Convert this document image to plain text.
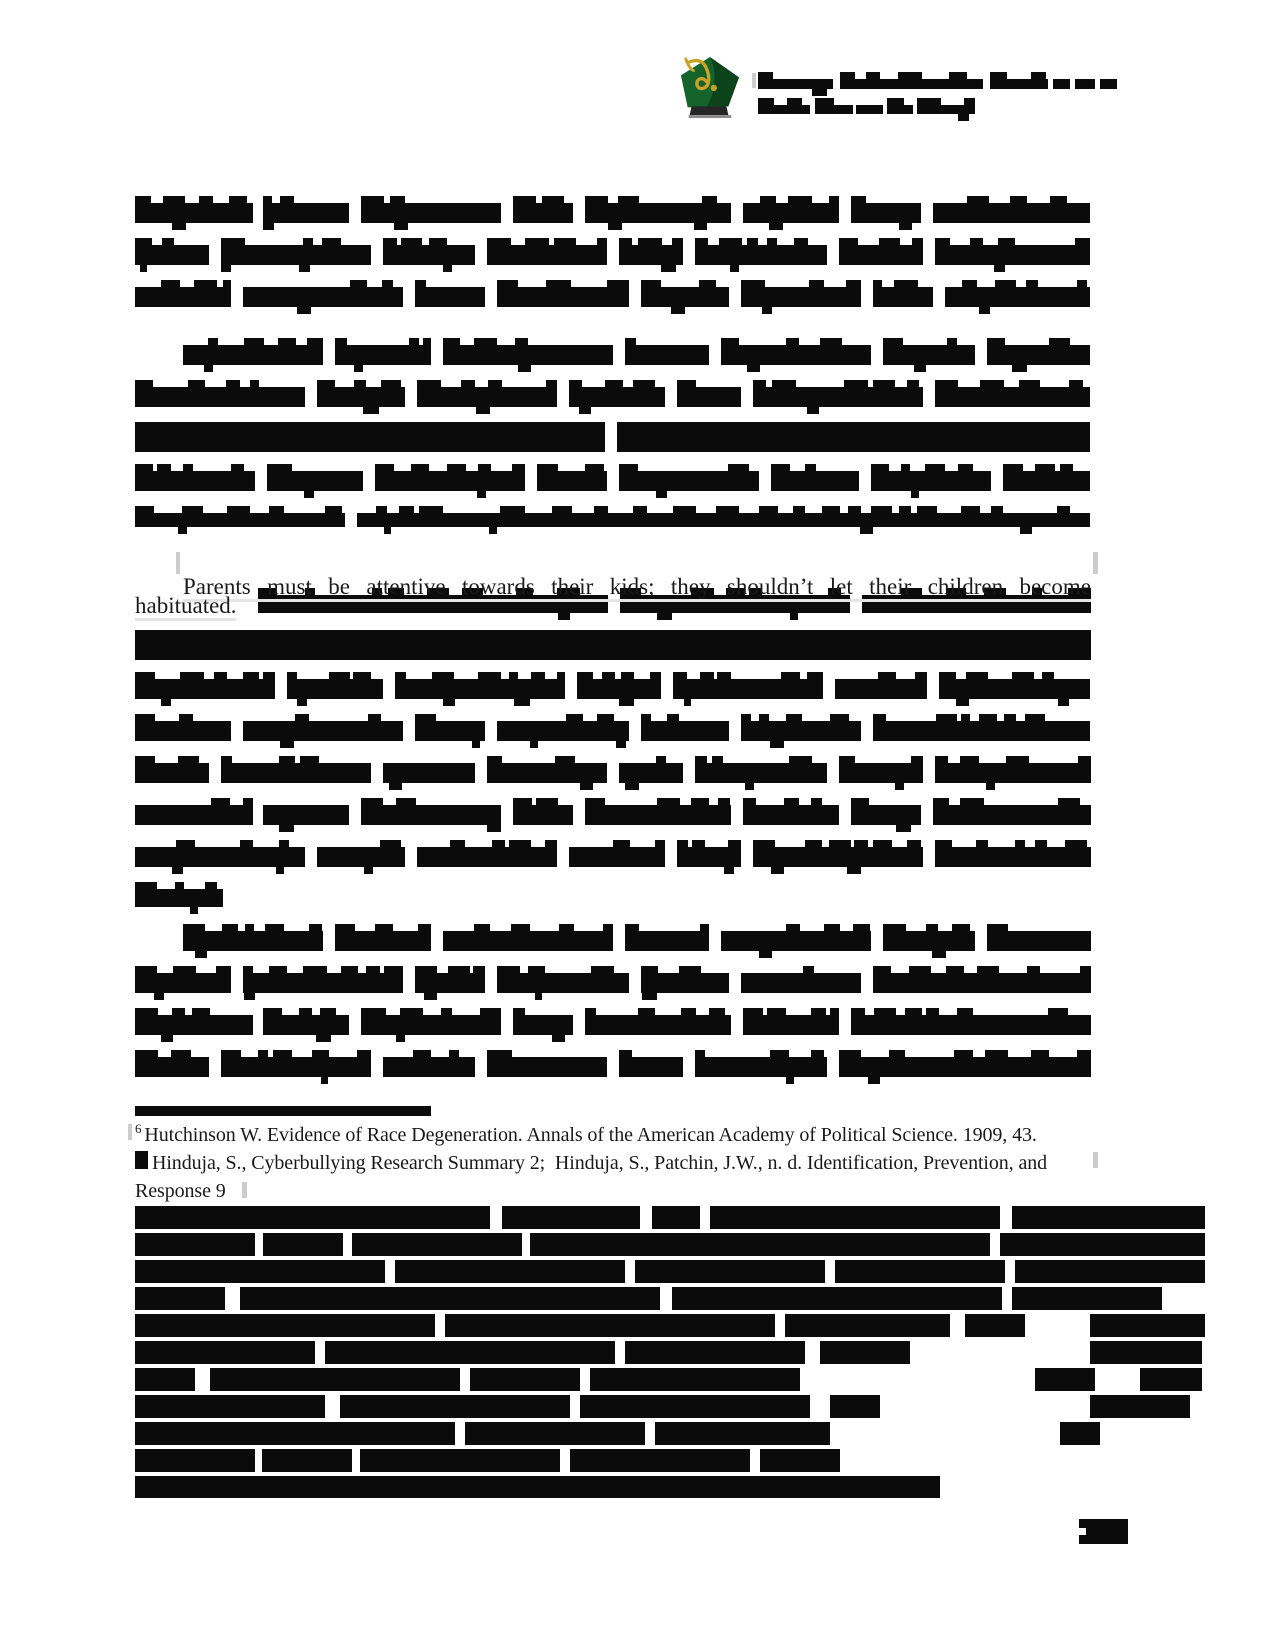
Parents must be attentive towards their kids; they shouldn’t let their children become

habituated.
$^6$ Hutchinson W. Evidence of Race Degeneration. Annals of the American Academy of Political Science. 1909, 43.
Hinduja, S., Cyberbullying Research Summary 2;  Hinduja, S., Patchin, J.W., n. d. Identification, Prevention, and
Response 9
